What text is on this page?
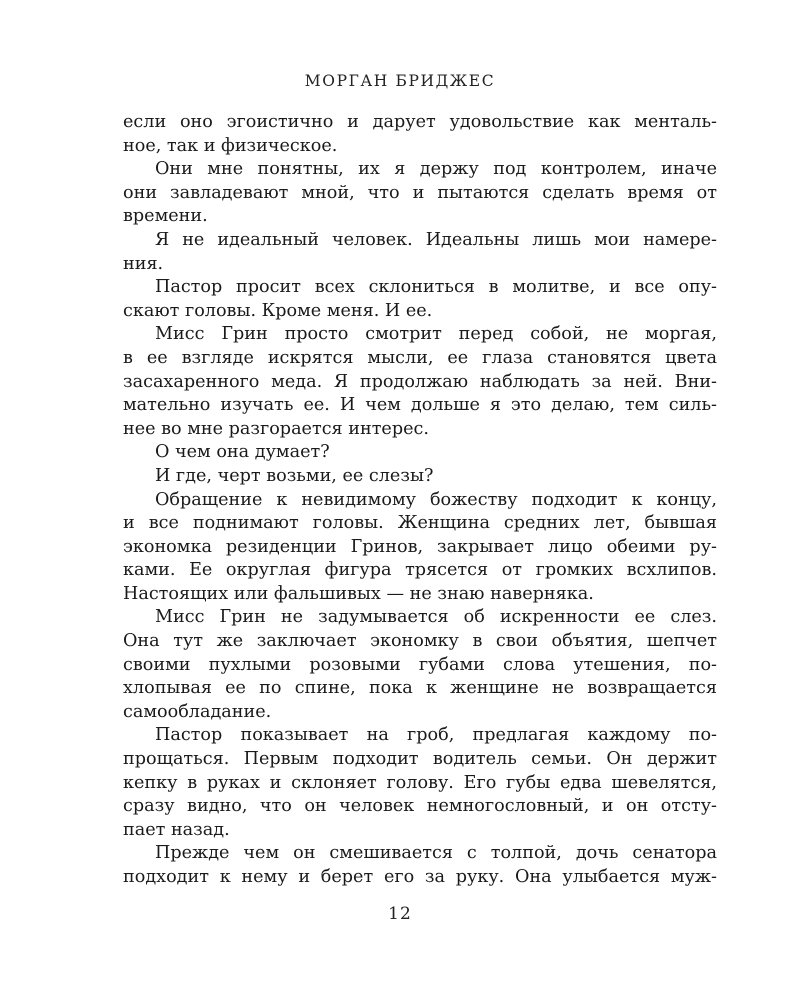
МОРГАН БРИДЖЕС
если оно эгоистично и дарует удовольствие как менталь-
ное, так и физическое.
Они мне понятны, их я держу под контролем, иначе
они завладевают мной, что и пытаются сделать время от
времени.
Я не идеальный человек. Идеальны лишь мои намере-
ния.
Пастор просит всех склониться в молитве, и все опу-
скают головы. Кроме меня. И ее.
Мисс Грин просто смотрит перед собой, не моргая,
в ее взгляде искрятся мысли, ее глаза становятся цвета
засахаренного меда. Я продолжаю наблюдать за ней. Вни-
мательно изучать ее. И чем дольше я это делаю, тем силь-
нее во мне разгорается интерес.
О чем она думает?
И где, черт возьми, ее слезы?
Обращение к невидимому божеству подходит к концу,
и все поднимают головы. Женщина средних лет, бывшая
экономка резиденции Гринов, закрывает лицо обеими ру-
ками. Ее округлая фигура трясется от громких всхлипов.
Настоящих или фальшивых — не знаю наверняка.
Мисс Грин не задумывается об искренности ее слез.
Она тут же заключает экономку в свои объятия, шепчет
своими пухлыми розовыми губами слова утешения, по-
хлопывая ее по спине, пока к женщине не возвращается
самообладание.
Пастор показывает на гроб, предлагая каждому по-
прощаться. Первым подходит водитель семьи. Он держит
кепку в руках и склоняет голову. Его губы едва шевелятся,
сразу видно, что он человек немногословный, и он отсту-
пает назад.
Прежде чем он смешивается с толпой, дочь сенатора
подходит к нему и берет его за руку. Она улыбается муж-
12
